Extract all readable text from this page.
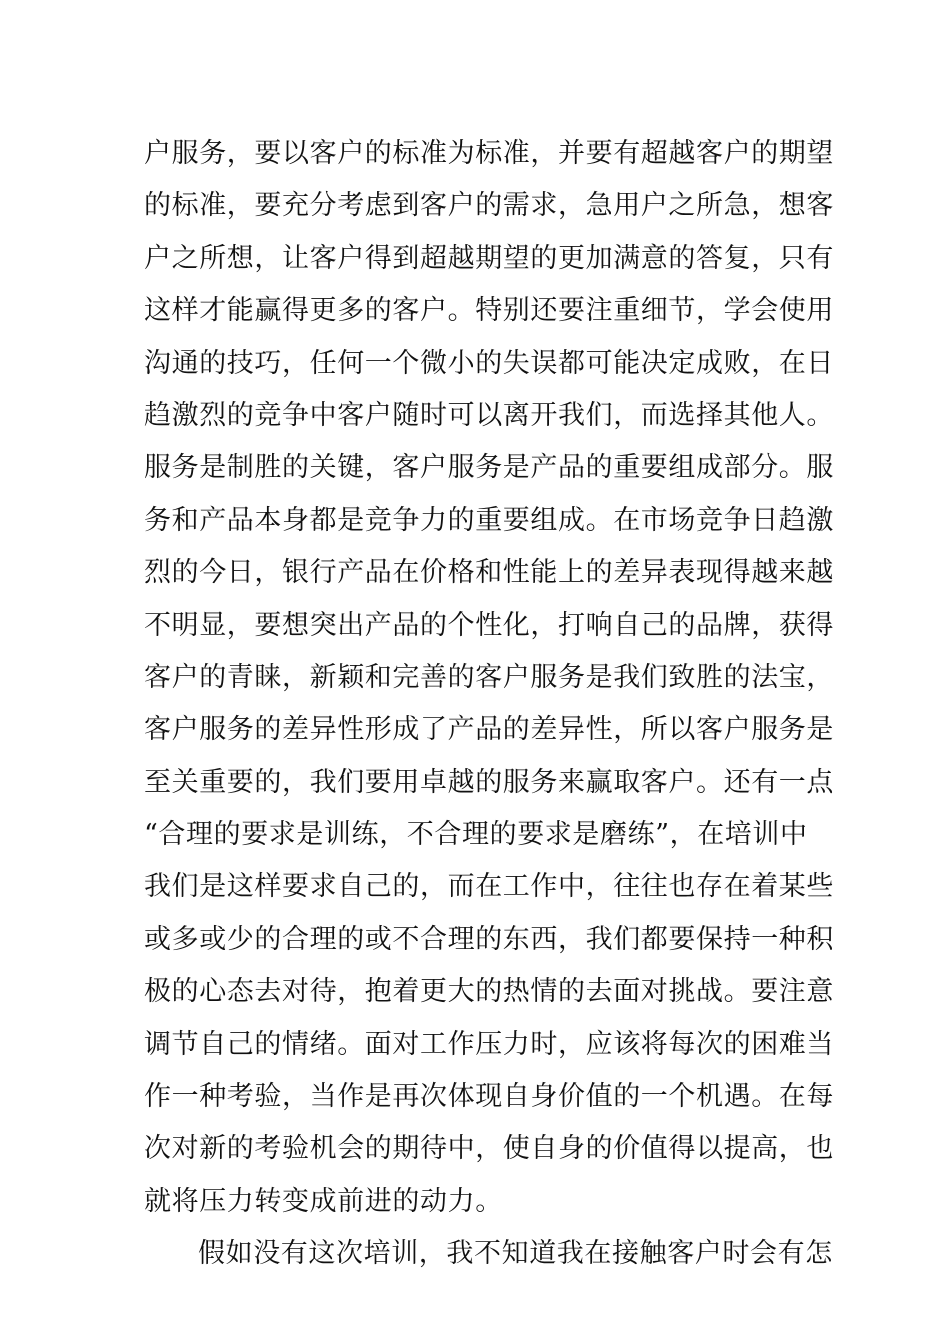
户服务，要以客户的标准为标准，并要有超越客户的期望
的标准，要充分考虑到客户的需求，急用户之所急，想客
户之所想，让客户得到超越期望的更加满意的答复，只有
这样才能赢得更多的客户。特别还要注重细节，学会使用
沟通的技巧，任何一个微小的失误都可能决定成败，在日
趋激烈的竞争中客户随时可以离开我们，而选择其他人。
服务是制胜的关键，客户服务是产品的重要组成部分。服
务和产品本身都是竞争力的重要组成。在市场竞争日趋激
烈的今日，银行产品在价格和性能上的差异表现得越来越
不明显，要想突出产品的个性化，打响自己的品牌，获得
客户的青睐，新颖和完善的客户服务是我们致胜的法宝，
客户服务的差异性形成了产品的差异性，所以客户服务是
至关重要的，我们要用卓越的服务来赢取客户。还有一点
“合理的要求是训练，不合理的要求是磨练”，在培训中
我们是这样要求自己的，而在工作中，往往也存在着某些
或多或少的合理的或不合理的东西，我们都要保持一种积
极的心态去对待，抱着更大的热情的去面对挑战。要注意
调节自己的情绪。面对工作压力时，应该将每次的困难当
作一种考验，当作是再次体现自身价值的一个机遇。在每
次对新的考验机会的期待中，使自身的价值得以提高，也
就将压力转变成前进的动力。
假如没有这次培训，我不知道我在接触客户时会有怎
